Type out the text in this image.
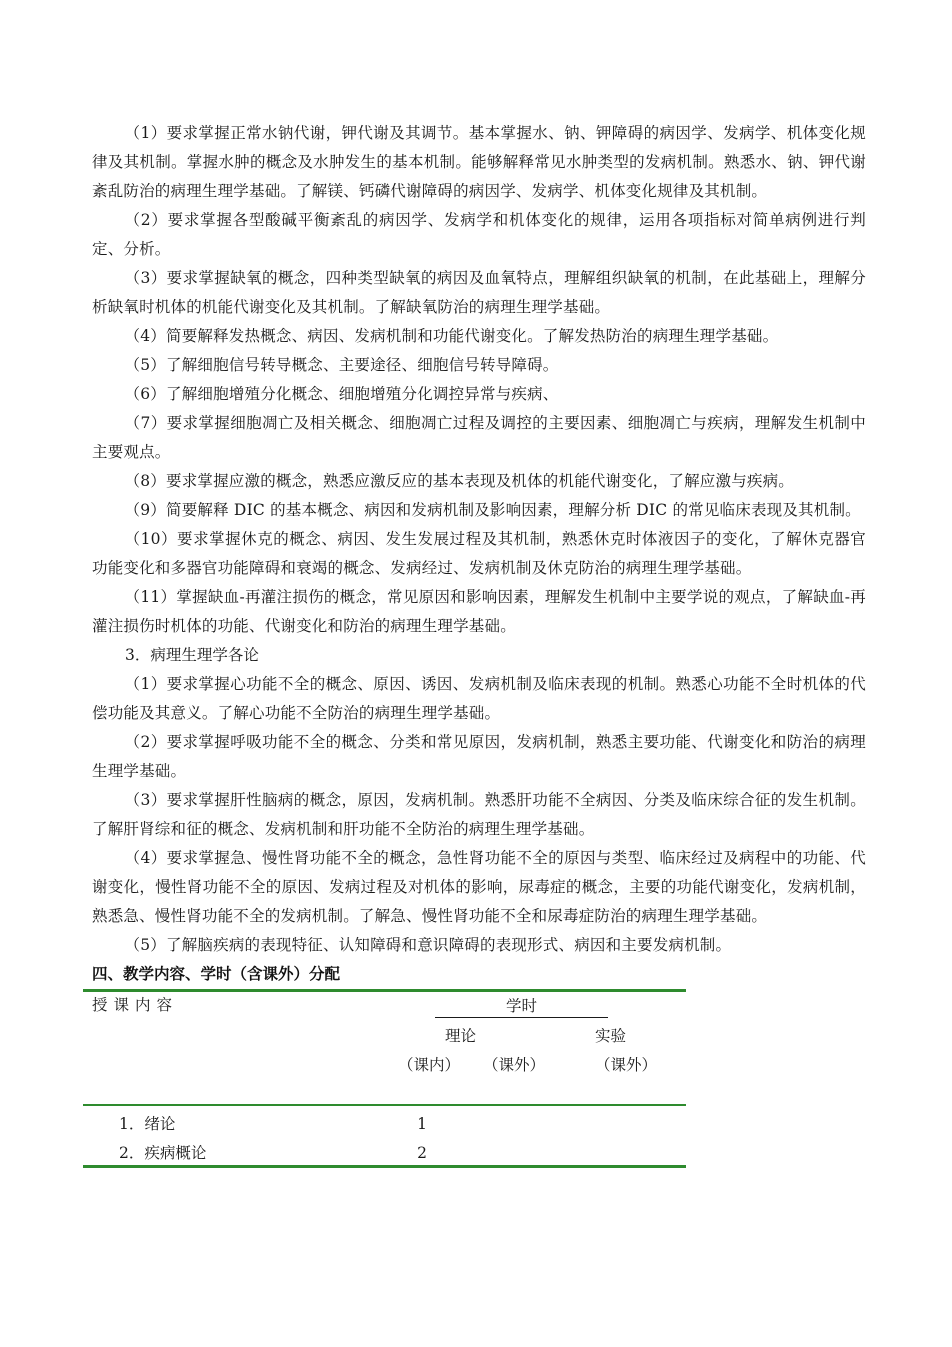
（1）要求掌握正常水钠代谢，钾代谢及其调节。基本掌握水、钠、钾障碍的病因学、发病学、机体变化规律及其机制。掌握水肿的概念及水肿发生的基本机制。能够解释常见水肿类型的发病机制。熟悉水、钠、钾代谢紊乱防治的病理生理学基础。了解镁、钙磷代谢障碍的病因学、发病学、机体变化规律及其机制。

（2）要求掌握各型酸碱平衡紊乱的病因学、发病学和机体变化的规律，运用各项指标对简单病例进行判定、分析。

（3）要求掌握缺氧的概念，四种类型缺氧的病因及血氧特点，理解组织缺氧的机制，在此基础上，理解分析缺氧时机体的机能代谢变化及其机制。了解缺氧防治的病理生理学基础。

（4）简要解释发热概念、病因、发病机制和功能代谢变化。了解发热防治的病理生理学基础。

（5）了解细胞信号转导概念、主要途径、细胞信号转导障碍。

（6）了解细胞增殖分化概念、细胞增殖分化调控异常与疾病、

（7）要求掌握细胞凋亡及相关概念、细胞凋亡过程及调控的主要因素、细胞凋亡与疾病，理解发生机制中主要观点。

（8）要求掌握应激的概念，熟悉应激反应的基本表现及机体的机能代谢变化，了解应激与疾病。

（9）简要解释 DIC 的基本概念、病因和发病机制及影响因素，理解分析 DIC 的常见临床表现及其机制。

（10）要求掌握休克的概念、病因、发生发展过程及其机制，熟悉休克时体液因子的变化，了解休克器官功能变化和多器官功能障碍和衰竭的概念、发病经过、发病机制及休克防治的病理生理学基础。

（11）掌握缺血-再灌注损伤的概念，常见原因和影响因素，理解发生机制中主要学说的观点，了解缺血-再灌注损伤时机体的功能、代谢变化和防治的病理生理学基础。

3．病理生理学各论

（1）要求掌握心功能不全的概念、原因、诱因、发病机制及临床表现的机制。熟悉心功能不全时机体的代偿功能及其意义。了解心功能不全防治的病理生理学基础。

（2）要求掌握呼吸功能不全的概念、分类和常见原因，发病机制，熟悉主要功能、代谢变化和防治的病理生理学基础。

（3）要求掌握肝性脑病的概念，原因，发病机制。熟悉肝功能不全病因、分类及临床综合征的发生机制。了解肝肾综和征的概念、发病机制和肝功能不全防治的病理生理学基础。

（4）要求掌握急、慢性肾功能不全的概念，急性肾功能不全的原因与类型、临床经过及病程中的功能、代谢变化，慢性肾功能不全的原因、发病过程及对机体的影响，尿毒症的概念，主要的功能代谢变化，发病机制，熟悉急、慢性肾功能不全的发病机制。了解急、慢性肾功能不全和尿毒症防治的病理生理学基础。

（5）了解脑疾病的表现特征、认知障碍和意识障碍的表现形式、病因和主要发病机制。

四、教学内容、学时（含课外）分配

授课内容	学时
理论	实验
（课内） （课外）	（课外）
1．绪论	1
2．疾病概论	2
